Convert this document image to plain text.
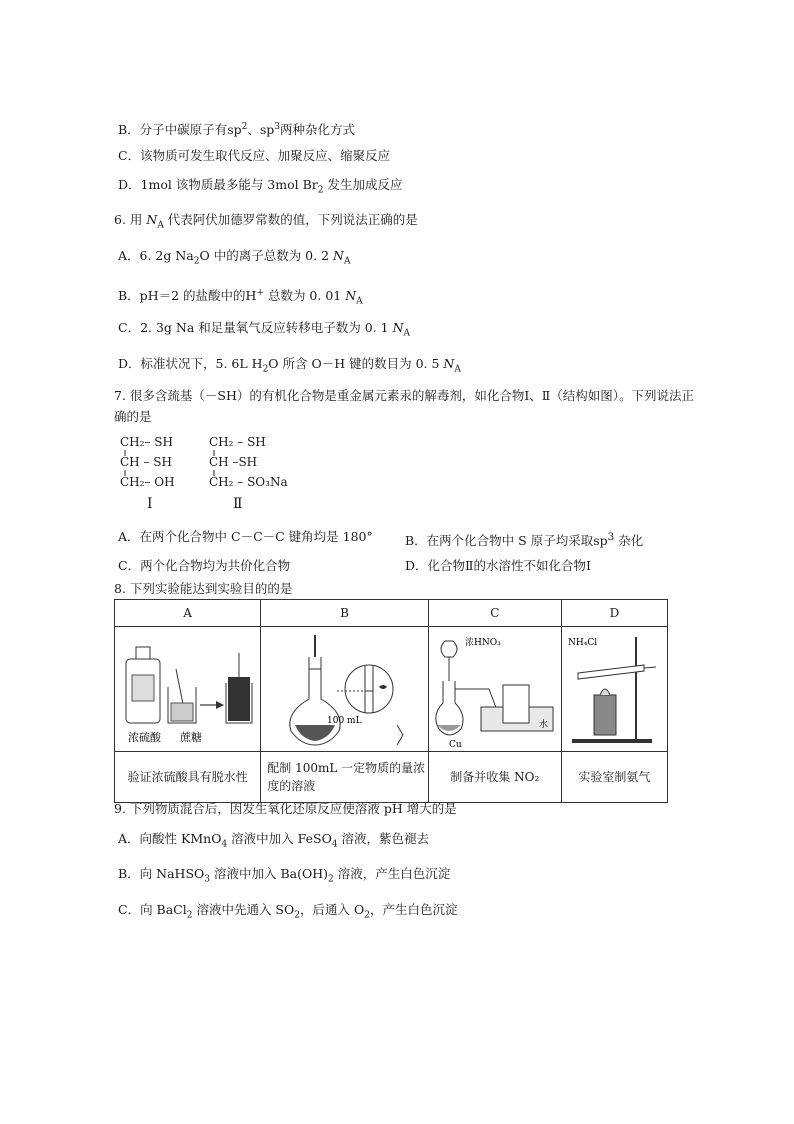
B．分子中碳原子有$sp^2$、$sp^3$两种杂化方式
C．该物质可发生取代反应、加聚反应、缩聚反应
D．1mol 该物质最多能与 3mol $Br_2$ 发生加成反应
6. 用 $N_A$ 代表阿伏加德罗常数的值，下列说法正确的是
A．6. 2g $Na_2O$ 中的离子总数为 0. 2 $N_A$
B．pH＝2 的盐酸中的H+ 总数为 0. 01 $N_A$
C．2. 3g Na 和足量氧气反应转移电子数为 0. 1 $N_A$
D．标准状况下，5. 6L $H_2O$ 所含 O－H 键的数目为 0. 5 $N_A$
7. 很多含巯基（－SH）的有机化合物是重金属元素汞的解毒剂，如化合物Ⅰ、Ⅱ（结构如图）。下列说法正
确的是
CH₂– SH
CH – SH
CH₂– OH
Ⅰ
CH₂ – SH
CH –SH
CH₂ – SO₃Na
Ⅱ
A．在两个化合物中 C－C－C 键角均是 180°	B．在两个化合物中 S 原子均采取$sp^3$ 杂化
C．两个化合物均为共价化合物	D．化合物Ⅱ的水溶性不如化合物Ⅰ
8. 下列实验能达到实验目的的是
A	B	C	D

浓硫酸 蔗糖	100 mL	浓HNO₃
水
Cu	NH₄Cl

验证浓硫酸具有脱水性	配制 100mL 一定物质的量浓
度的溶液	制备并收集 NO₂	实验室制氨气
9. 下列物质混合后，因发生氧化还原反应使溶液 pH 增大的是
A．向酸性 KMnO$_4$ 溶液中加入 FeSO$_4$ 溶液，紫色褪去
B．向 NaHSO$_3$ 溶液中加入 $Ba(OH)_2$ 溶液，产生白色沉淀
C．向 BaCl$_2$ 溶液中先通入 $SO_2$，后通入 $O_2$，产生白色沉淀
